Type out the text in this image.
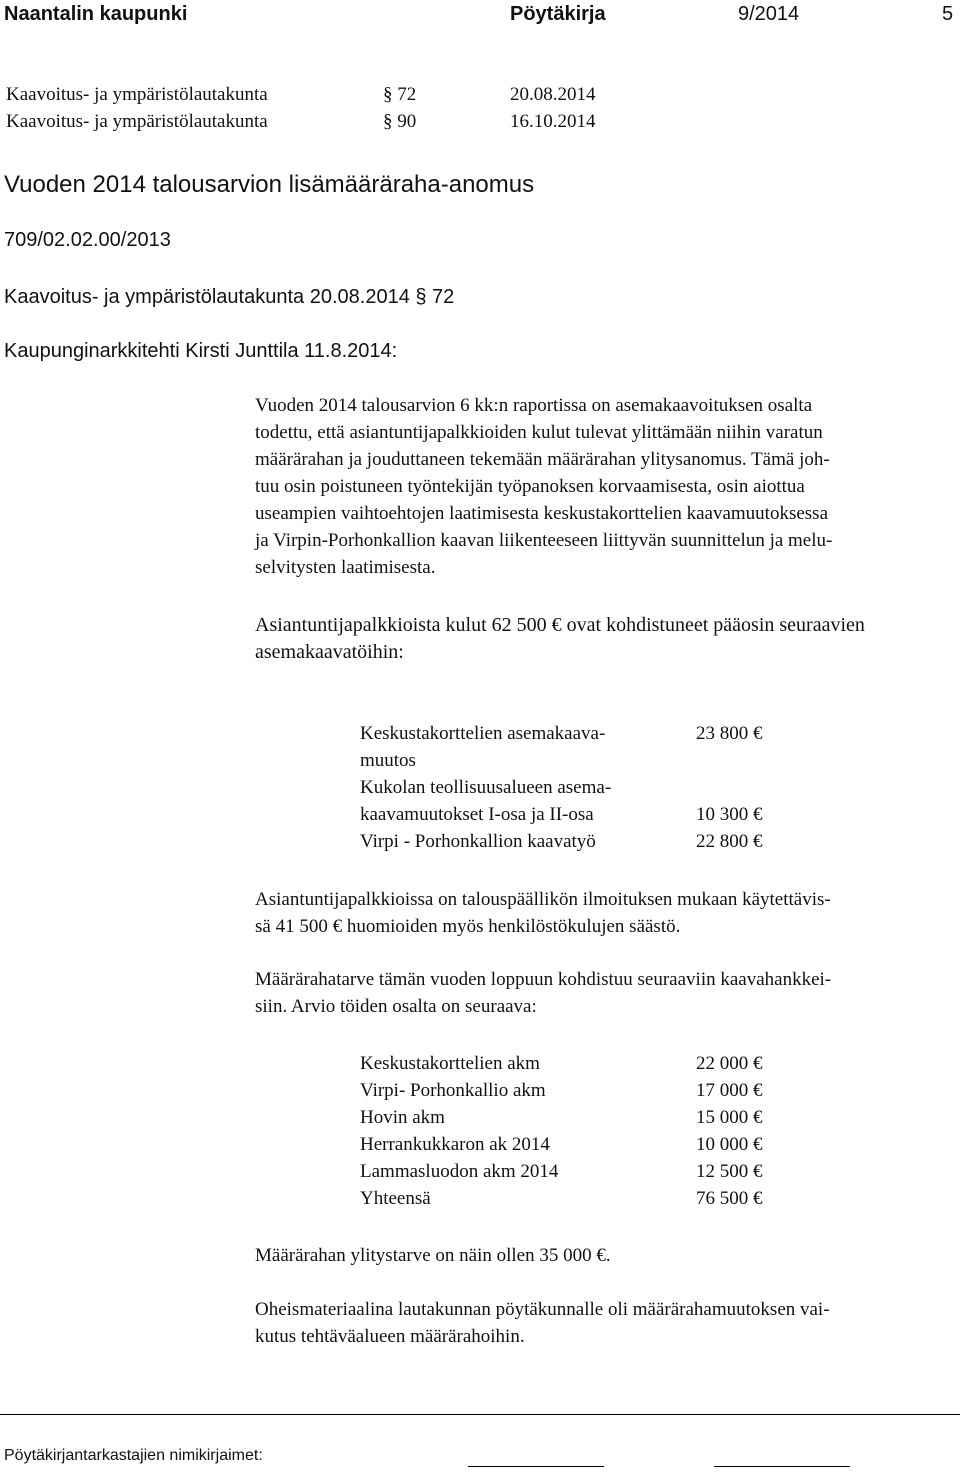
Naantalin kaupunki	Pöytäkirja	9/2014	5
Kaavoitus- ja ympäristölautakunta	§ 72	20.08.2014
Kaavoitus- ja ympäristölautakunta	§ 90	16.10.2014
Vuoden 2014 talousarvion lisämääräraha-anomus
709/02.02.00/2013
Kaavoitus- ja ympäristölautakunta 20.08.2014 § 72
Kaupunginarkkitehti Kirsti Junttila 11.8.2014:
Vuoden 2014 talousarvion 6 kk:n raportissa on asemakaavoituksen osalta
todettu, että asiantuntijapalkkioiden kulut tulevat ylittämään niihin varatun
määrärahan ja jouduttaneen tekemään määrärahan ylitysanomus. Tämä joh-
tuu osin poistuneen työntekijän työpanoksen korvaamisesta, osin aiottua
useampien vaihtoehtojen laatimisesta keskustakorttelien kaavamuutoksessa
ja Virpin-Porhonkallion kaavan liikenteeseen liittyvän suunnittelun ja melu-
selvitysten laatimisesta.
Asiantuntijapalkkioista kulut 62 500 € ovat kohdistuneet pääosin seuraavien
asemakaavatöihin:
Keskustakorttelien asemakaava-	23 800 €
muutos
Kukolan teollisuusalueen asema-
kaavamuutokset I-osa ja II-osa	10 300 €
Virpi - Porhonkallion kaavatyö	22 800 €
Asiantuntijapalkkioissa on talouspäällikön ilmoituksen mukaan käytettävis-
sä 41 500 € huomioiden myös henkilöstökulujen säästö.
Määrärahatarve tämän vuoden loppuun kohdistuu seuraaviin kaavahankkei-
siin. Arvio töiden osalta on seuraava:
Keskustakorttelien akm	22 000 €
Virpi- Porhonkallio akm	17 000 €
Hovin akm	15 000 €
Herrankukkaron ak 2014	10 000 €
Lammasluodon akm 2014	12 500 €
Yhteensä	76 500 €
Määrärahan ylitystarve on näin ollen 35 000 €.
Oheismateriaalina lautakunnan pöytäkunnalle oli määrärahamuutoksen vai-
kutus tehtäväalueen määrärahoihin.
Pöytäkirjantarkastajien nimikirjaimet:
